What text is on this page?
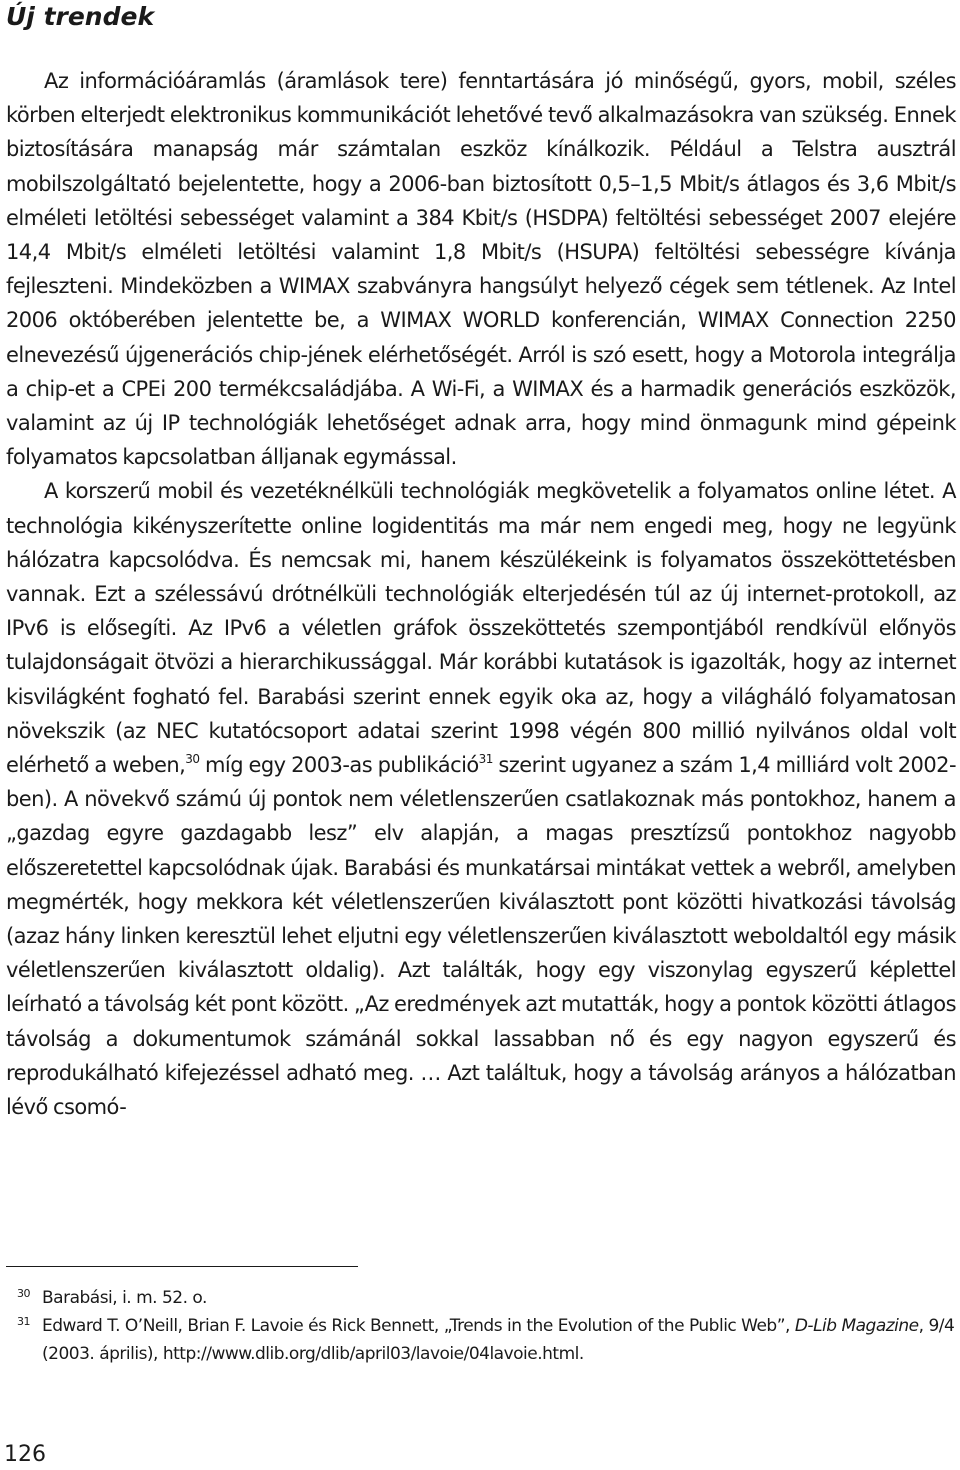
Új trendek

Az információáramlás (áramlások tere) fenntartására jó minőségű, gyors, mobil, széles körben elterjedt elektronikus kommunikációt lehetővé tevő alkalmazásokra van szükség. Ennek biztosítására manapság már számtalan eszköz kínálkozik. Például a Telstra ausztrál mobilszolgáltató bejelentette, hogy a 2006-ban biztosított 0,5–1,5 Mbit/s átlagos és 3,6 Mbit/s elméleti letöltési sebességet valamint a 384 Kbit/s (HSDPA) feltöltési sebességet 2007 elejére 14,4 Mbit/s elméleti letöltési valamint 1,8 Mbit/s (HSUPA) feltöltési sebességre kívánja fejleszteni. Mindeközben a WIMAX szabványra hangsúlyt helyező cégek sem tétlenek. Az Intel 2006 októberében jelentette be, a WIMAX WORLD konferencián, WIMAX Connection 2250 elnevezésű újgenerációs chip-jének elérhetőségét. Arról is szó esett, hogy a Motorola integrálja a chip-et a CPEi 200 termékcsaládjába. A Wi-Fi, a WIMAX és a harmadik generációs eszközök, valamint az új IP technológiák lehetőséget adnak arra, hogy mind önmagunk mind gépeink folyamatos kapcsolatban álljanak egymással.

A korszerű mobil és vezetéknélküli technológiák megkövetelik a folyamatos online létet. A technológia kikényszerítette online logidentitás ma már nem engedi meg, hogy ne legyünk hálózatra kapcsolódva. És nemcsak mi, hanem készülékeink is folyamatos összeköttetésben vannak. Ezt a szélessávú drótnélküli technológiák elterjedésén túl az új internet-protokoll, az IPv6 is elősegíti. Az IPv6 a véletlen gráfok összeköttetés szempontjából rendkívül előnyös tulajdonságait ötvözi a hierarchikussággal. Már korábbi kutatások is igazolták, hogy az internet kisvilágként fogható fel. Barabási szerint ennek egyik oka az, hogy a világháló folyamatosan növekszik (az NEC kutatócsoport adatai szerint 1998 végén 800 millió nyilvános oldal volt elérhető a weben,$^{30}$ míg egy 2003-as publikáció$^{31}$ szerint ugyanez a szám 1,4 milliárd volt 2002-ben). A növekvő számú új pontok nem véletlenszerűen csatlakoznak más pontokhoz, hanem a „gazdag egyre gazdagabb lesz” elv alapján, a magas presztízsű pontokhoz nagyobb előszeretettel kapcsolódnak újak. Barabási és munkatársai mintákat vettek a webről, amelyben megmérték, hogy mekkora két véletlenszerűen kiválasztott pont közötti hivatkozási távolság (azaz hány linken keresztül lehet eljutni egy véletlenszerűen kiválasztott weboldaltól egy másik véletlenszerűen kiválasztott oldalig). Azt találták, hogy egy viszonylag egyszerű képlettel leírható a távolság két pont között. „Az eredmények azt mutatták, hogy a pontok közötti átlagos távolság a dokumentumok számánál sokkal lassabban nő és egy nagyon egyszerű és reprodukálható kifejezéssel adható meg. … Azt találtuk, hogy a távolság arányos a hálózatban lévő csomó-

30 Barabási, i. m. 52. o.

31 Edward T. O’Neill, Brian F. Lavoie és Rick Bennett, „Trends in the Evolution of the Public Web”, D-Lib Magazine, 9/4 (2003. április), http://www.dlib.org/dlib/april03/lavoie/04lavoie.html.

126
